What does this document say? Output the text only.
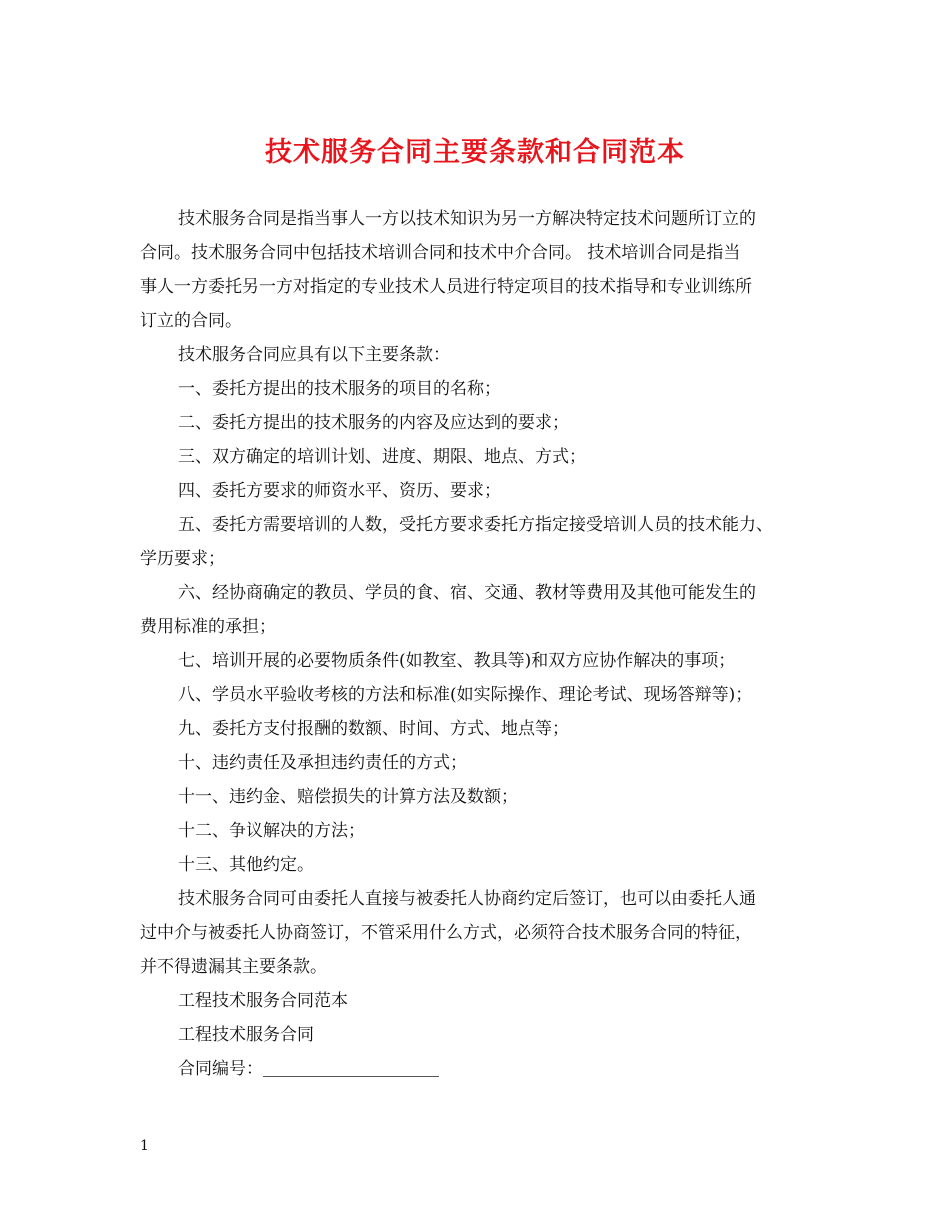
技术服务合同主要条款和合同范本
技术服务合同是指当事人一方以技术知识为另一方解决特定技术问题所订立的
合同。技术服务合同中包括技术培训合同和技术中介合同。 技术培训合同是指当
事人一方委托另一方对指定的专业技术人员进行特定项目的技术指导和专业训练所
订立的合同。
技术服务合同应具有以下主要条款：
一、委托方提出的技术服务的项目的名称；
二、委托方提出的技术服务的内容及应达到的要求；
三、双方确定的培训计划、进度、期限、地点、方式；
四、委托方要求的师资水平、资历、要求；
五、委托方需要培训的人数，受托方要求委托方指定接受培训人员的技术能力、
学历要求；
六、经协商确定的教员、学员的食、宿、交通、教材等费用及其他可能发生的
费用标准的承担；
七、培训开展的必要物质条件(如教室、教具等)和双方应协作解决的事项；
八、学员水平验收考核的方法和标准(如实际操作、理论考试、现场答辩等)；
九、委托方支付报酬的数额、时间、方式、地点等；
十、违约责任及承担违约责任的方式；
十一、违约金、赔偿损失的计算方法及数额；
十二、争议解决的方法；
十三、其他约定。
技术服务合同可由委托人直接与被委托人协商约定后签订，也可以由委托人通
过中介与被委托人协商签订，不管采用什么方式，必须符合技术服务合同的特征，
并不得遗漏其主要条款。
工程技术服务合同范本
工程技术服务合同
合同编号：
1
